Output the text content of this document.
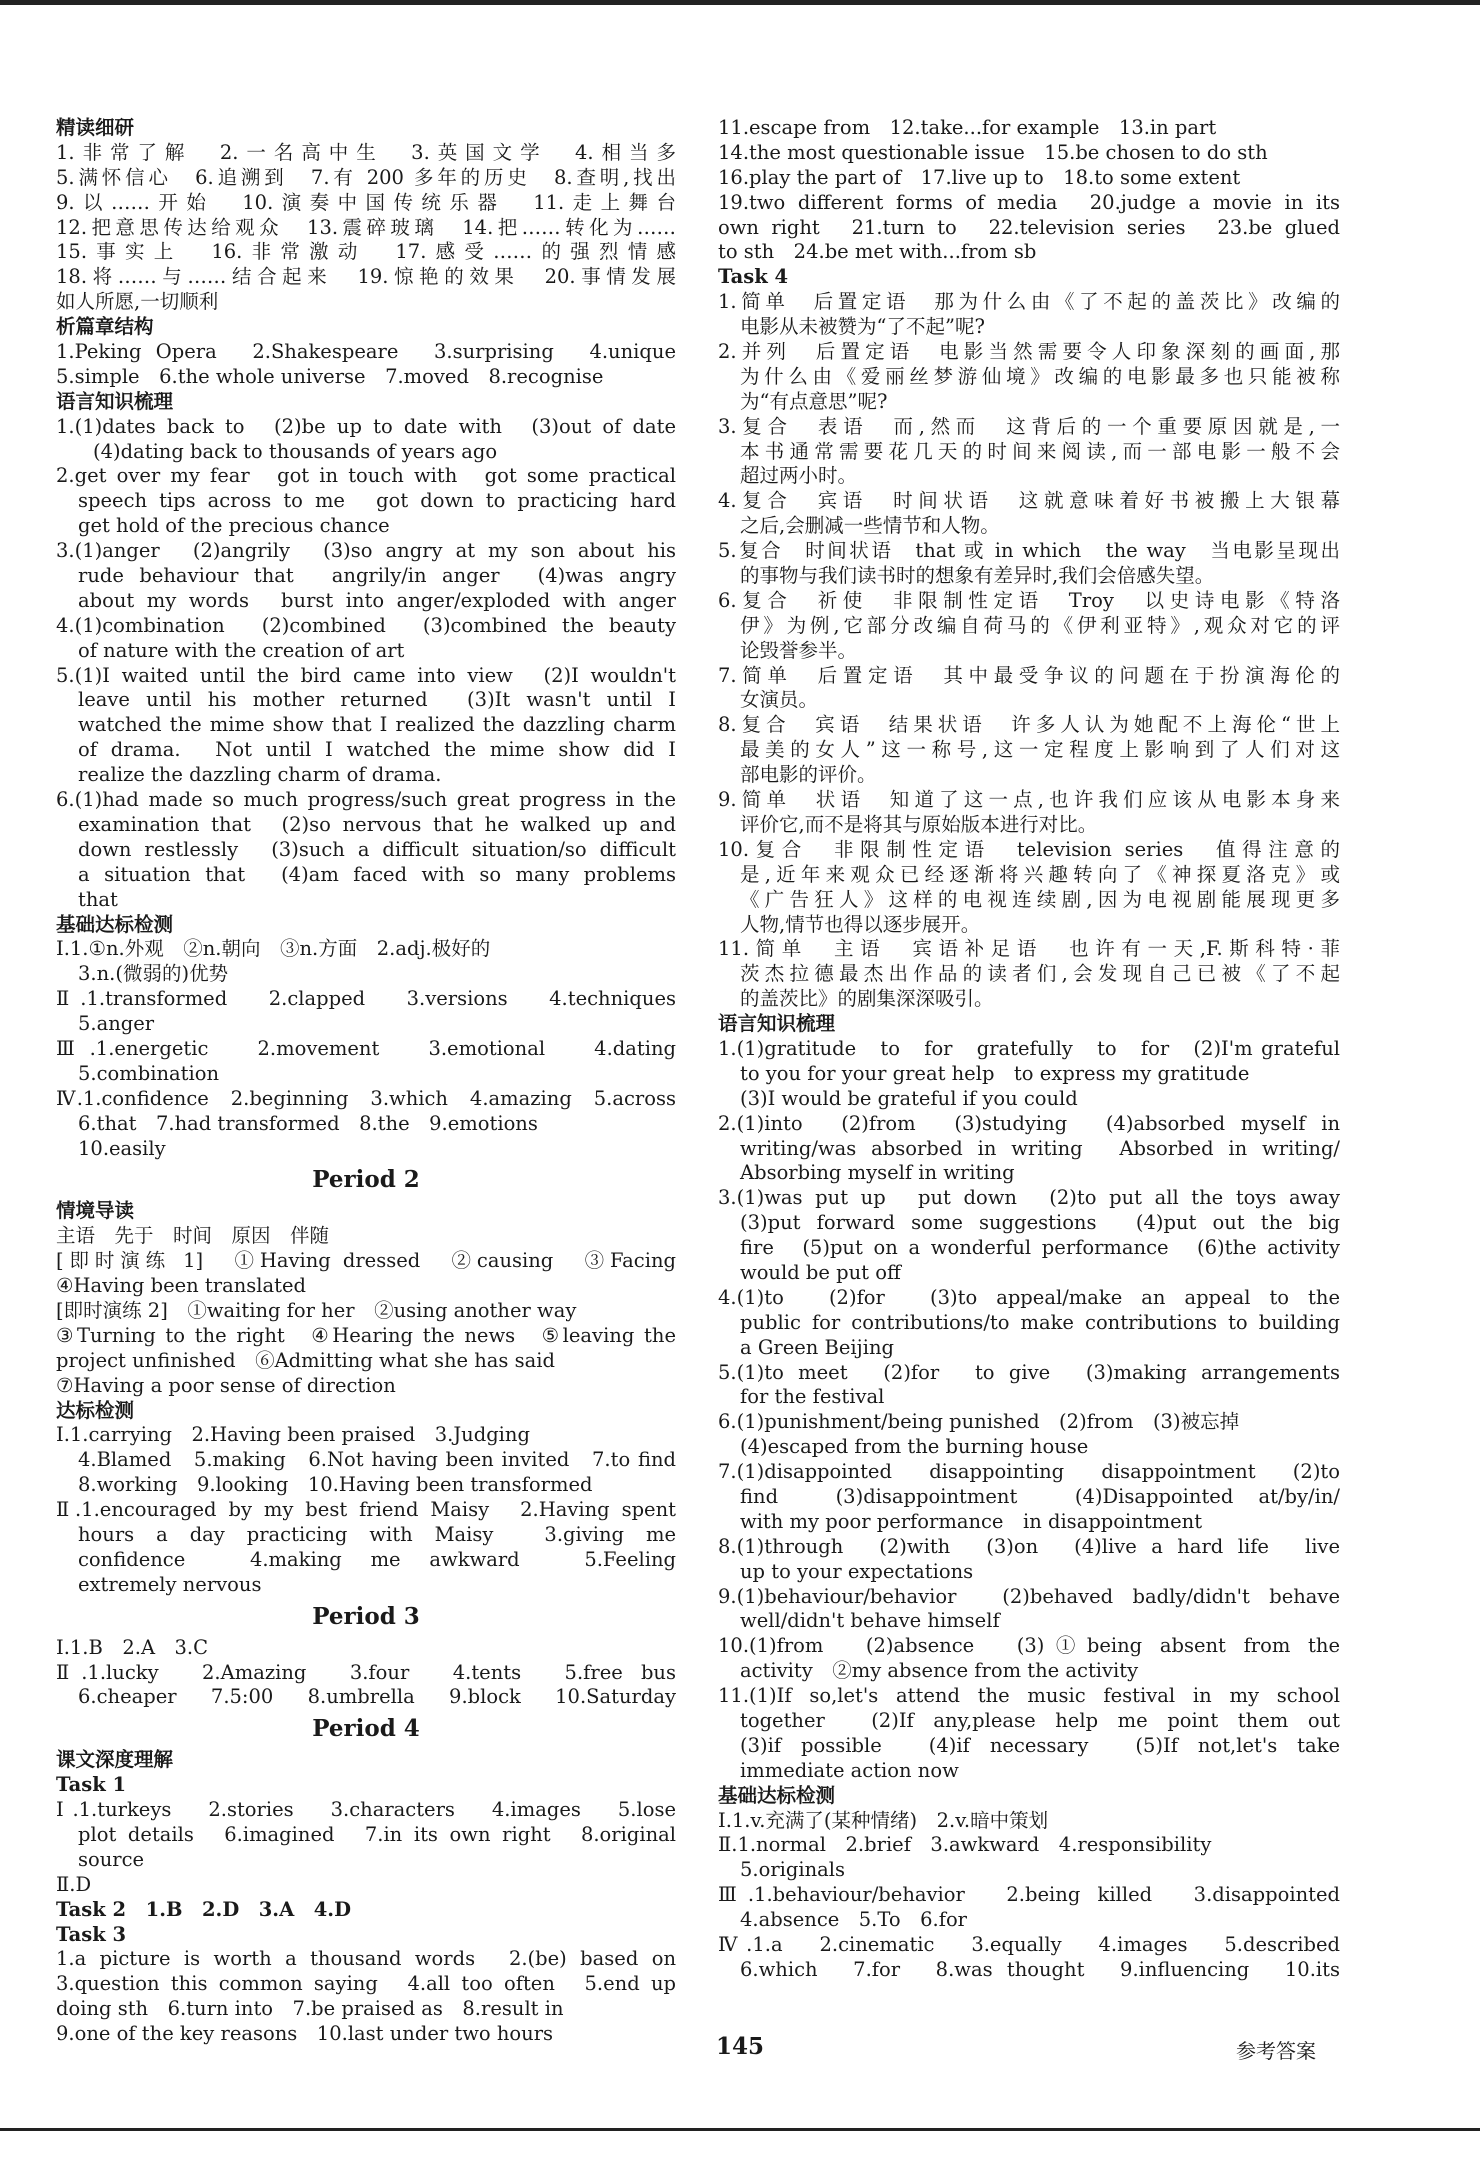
精读细研
1.非常了解　2.一名高中生　3.英国文学　4.相当多
5.满怀信心　6.追溯到　7.有 200 多年的历史　8.查明,找出
9.以……开始　10.演奏中国传统乐器　11.走上舞台
12.把意思传达给观众　13.震碎玻璃　14.把……转化为……
15.事实上　16.非常激动　17.感受……的强烈情感
18.将……与……结合起来　19.惊艳的效果　20.事情发展
如人所愿,一切顺利
析篇章结构
1.Peking Opera　2.Shakespeare　3.surprising　4.unique
5.simple　6.the whole universe　7.moved　8.recognise
语言知识梳理
1.(1)dates back to　(2)be up to date with　(3)out of date
(4)dating back to thousands of years ago
2.get over my fear　got in touch with　got some practical
speech tips across to me　got down to practicing hard
get hold of the precious chance
3.(1)anger　(2)angrily　(3)so angry at my son about his
rude behaviour that　angrily/in anger　(4)was angry
about my words　burst into anger/exploded with anger
4.(1)combination　(2)combined　(3)combined the beauty
of nature with the creation of art
5.(1)I waited until the bird came into view　(2)I wouldn't
leave until his mother returned　(3)It wasn't until I
watched the mime show that I realized the dazzling charm
of drama.　Not until I watched the mime show did I
realize the dazzling charm of drama.
6.(1)had made so much progress/such great progress in the
examination that　(2)so nervous that he walked up and
down restlessly　(3)such a difficult situation/so difficult
a situation that　(4)am faced with so many problems
that
基础达标检测
Ⅰ.1.①n.外观　②n.朝向　③n.方面　2.adj.极好的
3.n.(微弱的)优势
Ⅱ.1.transformed　2.clapped　3.versions　4.techniques
5.anger
Ⅲ.1.energetic　2.movement　3.emotional　4.dating
5.combination
Ⅳ.1.confidence　2.beginning　3.which　4.amazing　5.across
6.that　7.had transformed　8.the　9.emotions
10.easily
Period 2
情境导读
主语　先于　时间　原因　伴随
[即时演练 1]　①Having dressed　②causing　③Facing
④Having been translated
[即时演练 2]　①waiting for her　②using another way
③Turning to the right　④Hearing the news　⑤leaving the
project unfinished　⑥Admitting what she has said
⑦Having a poor sense of direction
达标检测
Ⅰ.1.carrying　2.Having been praised　3.Judging
4.Blamed　5.making　6.Not having been invited　7.to find
8.working　9.looking　10.Having been transformed
Ⅱ.1.encouraged by my best friend Maisy　2.Having spent
hours a day practicing with Maisy　3.giving me
confidence　4.making me awkward　5.Feeling
extremely nervous
Period 3
Ⅰ.1.B　2.A　3.C
Ⅱ.1.lucky　2.Amazing　3.four　4.tents　5.free bus
6.cheaper　7.5:00　8.umbrella　9.block　10.Saturday
Period 4
课文深度理解
Task 1
Ⅰ.1.turkeys　2.stories　3.characters　4.images　5.lose
plot details　6.imagined　7.in its own right　8.original
source
Ⅱ.D
Task 2　1.B　2.D　3.A　4.D
Task 3
1.a picture is worth a thousand words　2.(be) based on
3.question this common saying　4.all too often　5.end up
doing sth　6.turn into　7.be praised as　8.result in
9.one of the key reasons　10.last under two hours
11.escape from　12.take...for example　13.in part
14.the most questionable issue　15.be chosen to do sth
16.play the part of　17.live up to　18.to some extent
19.two different forms of media　20.judge a movie in its
own right　21.turn to　22.television series　23.be glued
to sth　24.be met with...from sb
Task 4
1.简单　后置定语　那为什么由《了不起的盖茨比》改编的
电影从未被赞为“了不起”呢?
2.并列　后置定语　电影当然需要令人印象深刻的画面,那
为什么由《爱丽丝梦游仙境》改编的电影最多也只能被称
为“有点意思”呢?
3.复合　表语　而,然而　这背后的一个重要原因就是,一
本书通常需要花几天的时间来阅读,而一部电影一般不会
超过两小时。
4.复合　宾语　时间状语　这就意味着好书被搬上大银幕
之后,会删减一些情节和人物。
5.复合　时间状语　that 或 in which　the way　当电影呈现出
的事物与我们读书时的想象有差异时,我们会倍感失望。
6.复合　祈使　非限制性定语　Troy　以史诗电影《特洛
伊》为例,它部分改编自荷马的《伊利亚特》,观众对它的评
论毁誉参半。
7.简单　后置定语　其中最受争议的问题在于扮演海伦的
女演员。
8.复合　宾语　结果状语　许多人认为她配不上海伦“世上
最美的女人”这一称号,这一定程度上影响到了人们对这
部电影的评价。
9.简单　状语　知道了这一点,也许我们应该从电影本身来
评价它,而不是将其与原始版本进行对比。
10.复合　非限制性定语　television series　值得注意的
是,近年来观众已经逐渐将兴趣转向了《神探夏洛克》或
《广告狂人》这样的电视连续剧,因为电视剧能展现更多
人物,情节也得以逐步展开。
11.简单　主语　宾语补足语　也许有一天,F.斯科特·菲
茨杰拉德最杰出作品的读者们,会发现自己已被《了不起
的盖茨比》的剧集深深吸引。
语言知识梳理
1.(1)gratitude　to　for　gratefully　to　for　(2)I'm grateful
to you for your great help　to express my gratitude
(3)I would be grateful if you could
2.(1)into　(2)from　(3)studying　(4)absorbed myself in
writing/was absorbed in writing　Absorbed in writing/
Absorbing myself in writing
3.(1)was put up　put down　(2)to put all the toys away
(3)put forward some suggestions　(4)put out the big
fire　(5)put on a wonderful performance　(6)the activity
would be put off
4.(1)to　(2)for　(3)to appeal/make an appeal to the
public for contributions/to make contributions to building
a Green Beijing
5.(1)to meet　(2)for　to give　(3)making arrangements
for the festival
6.(1)punishment/being punished　(2)from　(3)被忘掉
(4)escaped from the burning house
7.(1)disappointed　disappointing　disappointment　(2)to
find　(3)disappointment　(4)Disappointed at/by/in/
with my poor performance　in disappointment
8.(1)through　(2)with　(3)on　(4)live a hard life　live
up to your expectations
9.(1)behaviour/behavior　(2)behaved badly/didn't behave
well/didn't behave himself
10.(1)from　(2)absence　(3)①being absent from the
activity　②my absence from the activity
11.(1)If so,let's attend the music festival in my school
together　(2)If any,please help me point them out
(3)if possible　(4)if necessary　(5)If not,let's take
immediate action now
基础达标检测
Ⅰ.1.v.充满了(某种情绪)　2.v.暗中策划
Ⅱ.1.normal　2.brief　3.awkward　4.responsibility
5.originals
Ⅲ.1.behaviour/behavior　2.being killed　3.disappointed
4.absence　5.To　6.for
Ⅳ.1.a　2.cinematic　3.equally　4.images　5.described
6.which　7.for　8.was thought　9.influencing　10.its
145	参考答案
